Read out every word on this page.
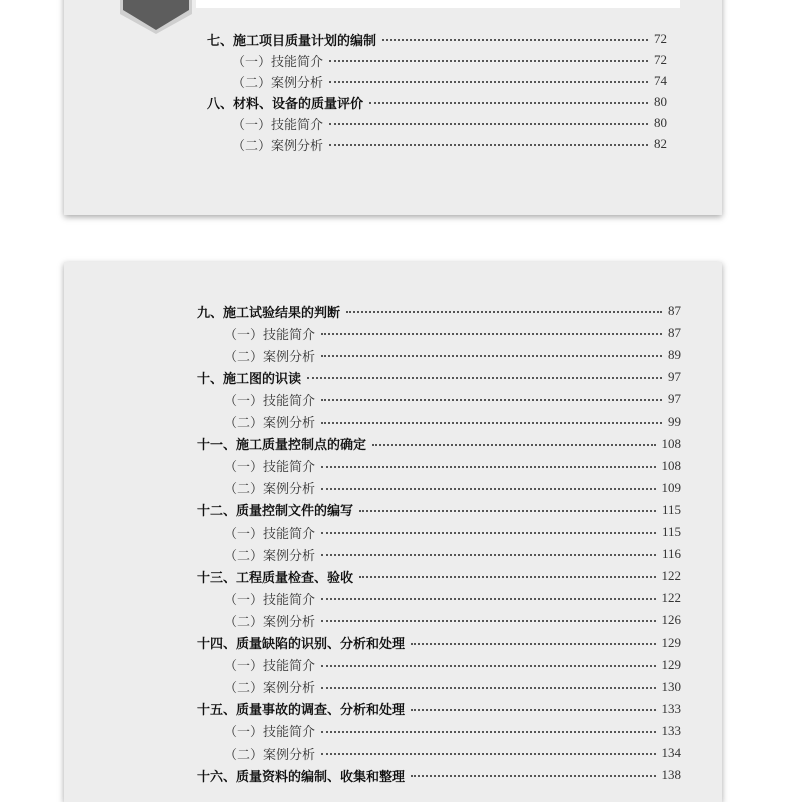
七、施工项目质量计划的编制	72
（一）技能简介	72
（二）案例分析	74
八、材料、设备的质量评价	80
（一）技能简介	80
（二）案例分析	82
九、施工试验结果的判断	87
（一）技能简介	87
（二）案例分析	89
十、施工图的识读	97
（一）技能简介	97
（二）案例分析	99
十一、施工质量控制点的确定	108
（一）技能简介	108
（二）案例分析	109
十二、质量控制文件的编写	115
（一）技能简介	115
（二）案例分析	116
十三、工程质量检查、验收	122
（一）技能简介	122
（二）案例分析	126
十四、质量缺陷的识别、分析和处理	129
（一）技能简介	129
（二）案例分析	130
十五、质量事故的调查、分析和处理	133
（一）技能简介	133
（二）案例分析	134
十六、质量资料的编制、收集和整理	138
